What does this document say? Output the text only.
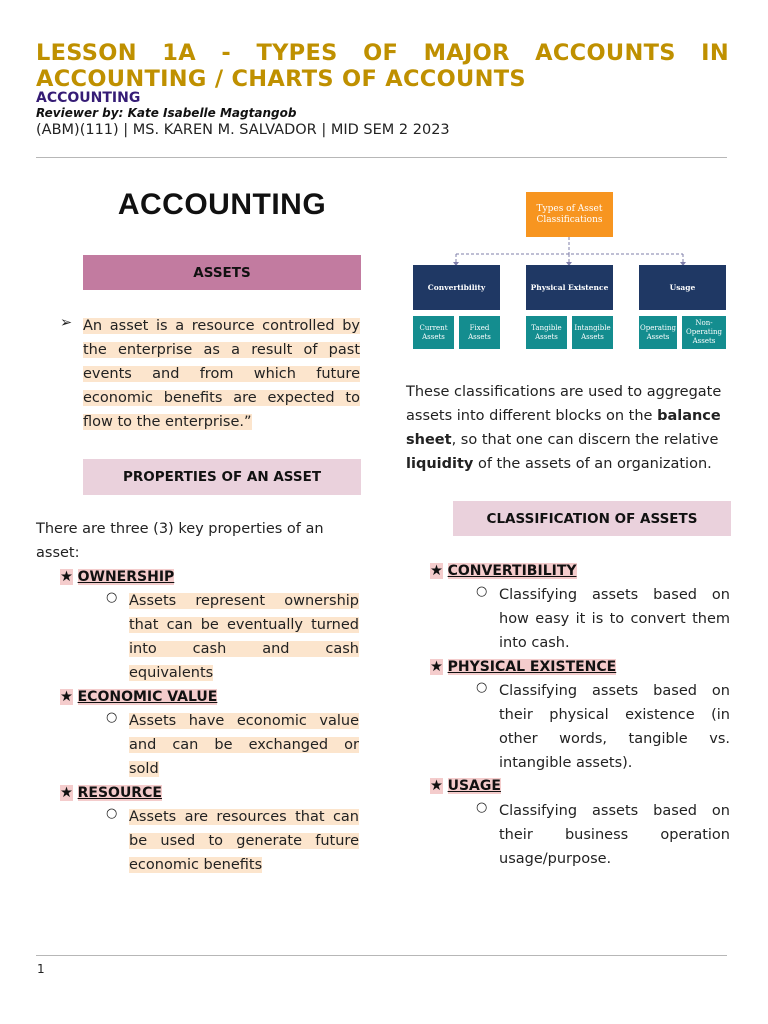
LESSON 1A - TYPES OF MAJOR ACCOUNTS IN
ACCOUNTING / CHARTS OF ACCOUNTS
ACCOUNTING
Reviewer by: Kate Isabelle Magtangob
(ABM)(111) | MS. KAREN M. SALVADOR | MID SEM 2 2023
ACCOUNTING
ASSETS
➢ An asset is a resource controlled by
the enterprise as a result of past
events and from which future
economic benefits are expected to
flow to the enterprise.”
PROPERTIES OF AN ASSET
There are three (3) key properties of an asset:
★ OWNERSHIP
○ Assets represent ownership
that can be eventually turned
into cash and cash
equivalents
★ ECONOMIC VALUE
○ Assets have economic value
and can be exchanged or
sold
★ RESOURCE
○ Assets are resources that can
be used to generate future
economic benefits
Types of Asset Classifications
Convertibility	Physical Existence	Usage
Current Assets
Fixed Assets
Tangible Assets
Intangible Assets
Operating Assets
Non-Operating Assets
These classifications are used to aggregate assets into different blocks on the balance sheet, so that one can discern the relative liquidity of the assets of an organization.
CLASSIFICATION OF ASSETS
★ CONVERTIBILITY
○ Classifying assets based on
how easy it is to convert them
into cash.
★ PHYSICAL EXISTENCE
○ Classifying assets based on
their physical existence (in
other words, tangible vs.
intangible assets).
★ USAGE
○ Classifying assets based on
their business operation
usage/purpose.
1
